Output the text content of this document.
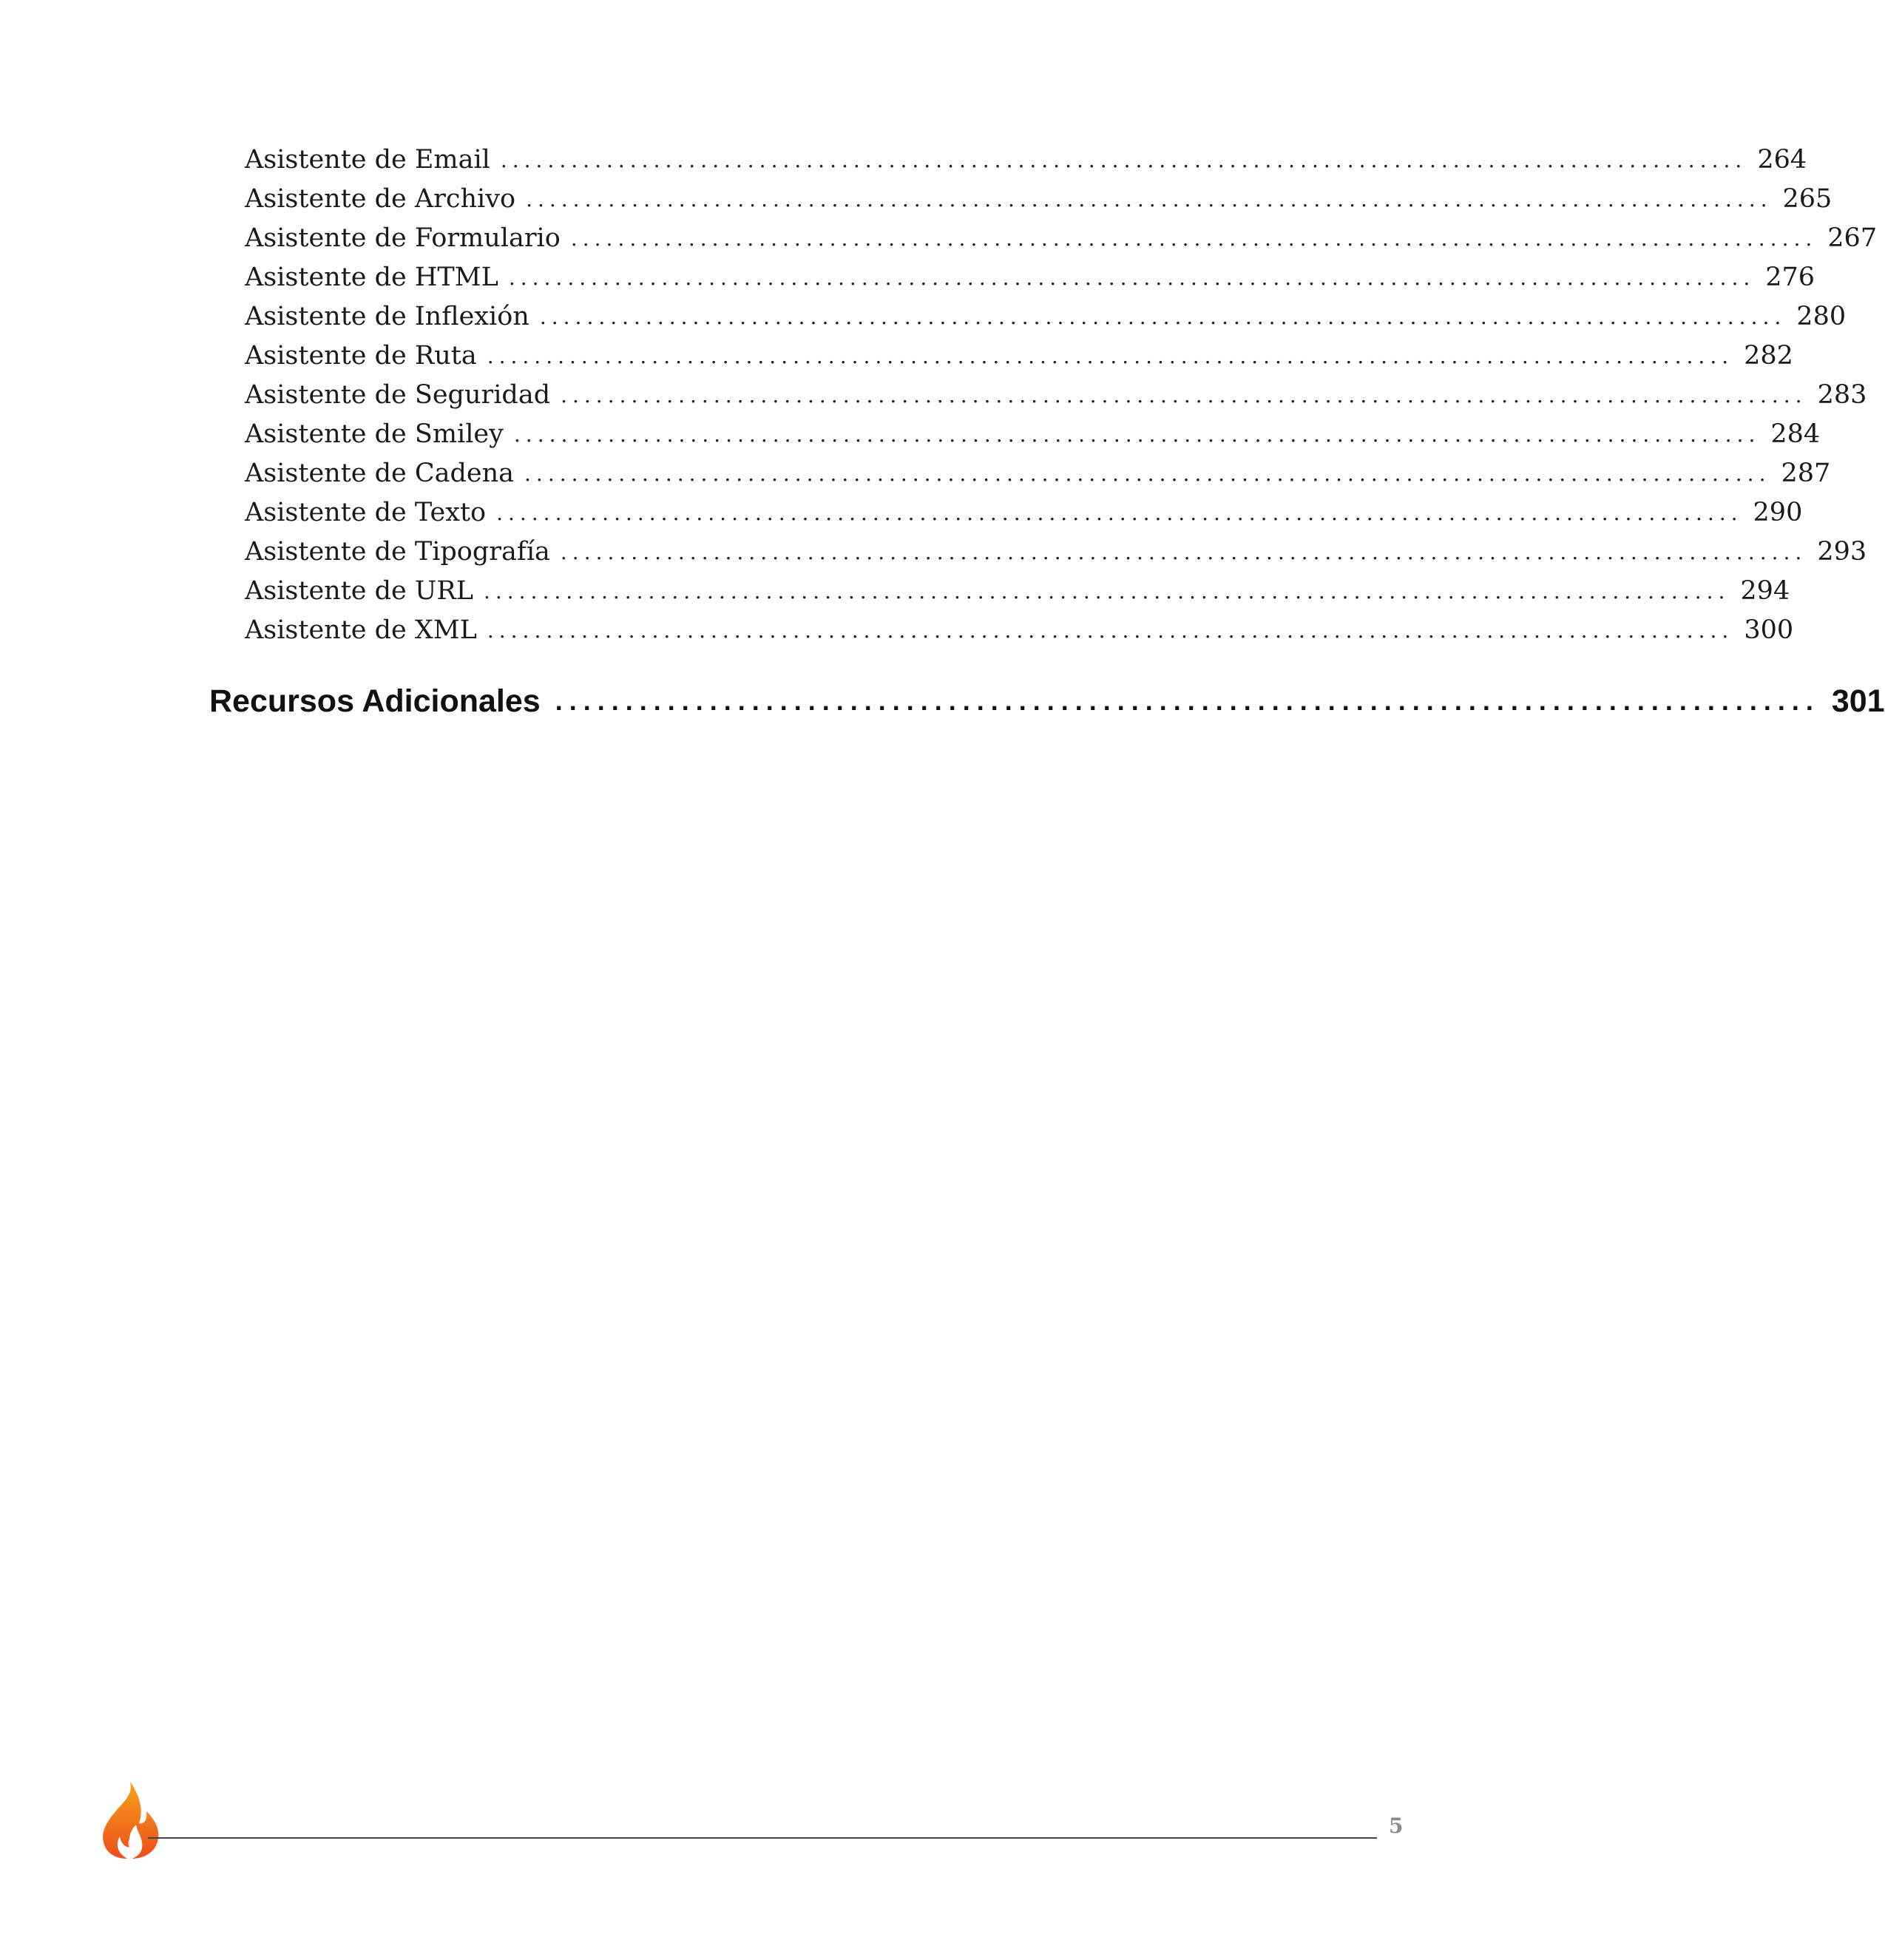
Asistente de Email .......................................................................................................... 264
Asistente de Archivo .......................................................................................................... 265
Asistente de Formulario .......................................................................................................... 267
Asistente de HTML .......................................................................................................... 276
Asistente de Inflexión .......................................................................................................... 280
Asistente de Ruta .......................................................................................................... 282
Asistente de Seguridad .......................................................................................................... 283
Asistente de Smiley .......................................................................................................... 284
Asistente de Cadena .......................................................................................................... 287
Asistente de Texto .......................................................................................................... 290
Asistente de Tipografía .......................................................................................................... 293
Asistente de URL .......................................................................................................... 294
Asistente de XML .......................................................................................................... 300
Recursos Adicionales .......................................................................................... 301
5
